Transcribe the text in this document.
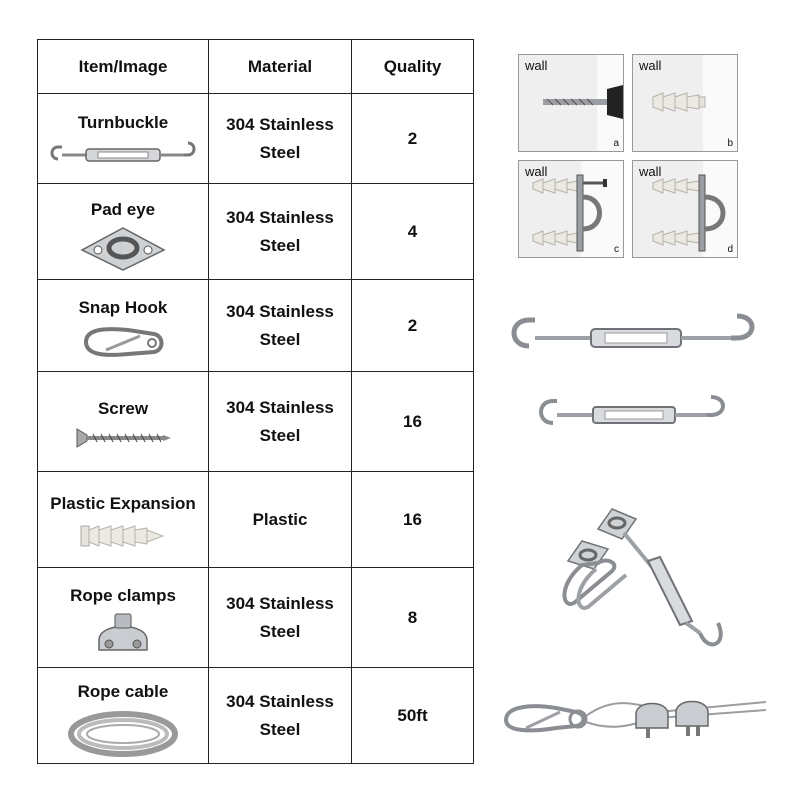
Item/Image	Material	Quality

Turnbuckle	304 Stainless
Steel	2

Pad eye	304 Stainless
Steel	4

Snap Hook	304 Stainless
Steel	2

Screw	304 Stainless
Steel	16

Plastic Expansion	Plastic	16

Rope clamps	304 Stainless
Steel	8

Rope cable	304 Stainless
Steel	50ft
wall
a
wall
b
wall
c
wall
d
